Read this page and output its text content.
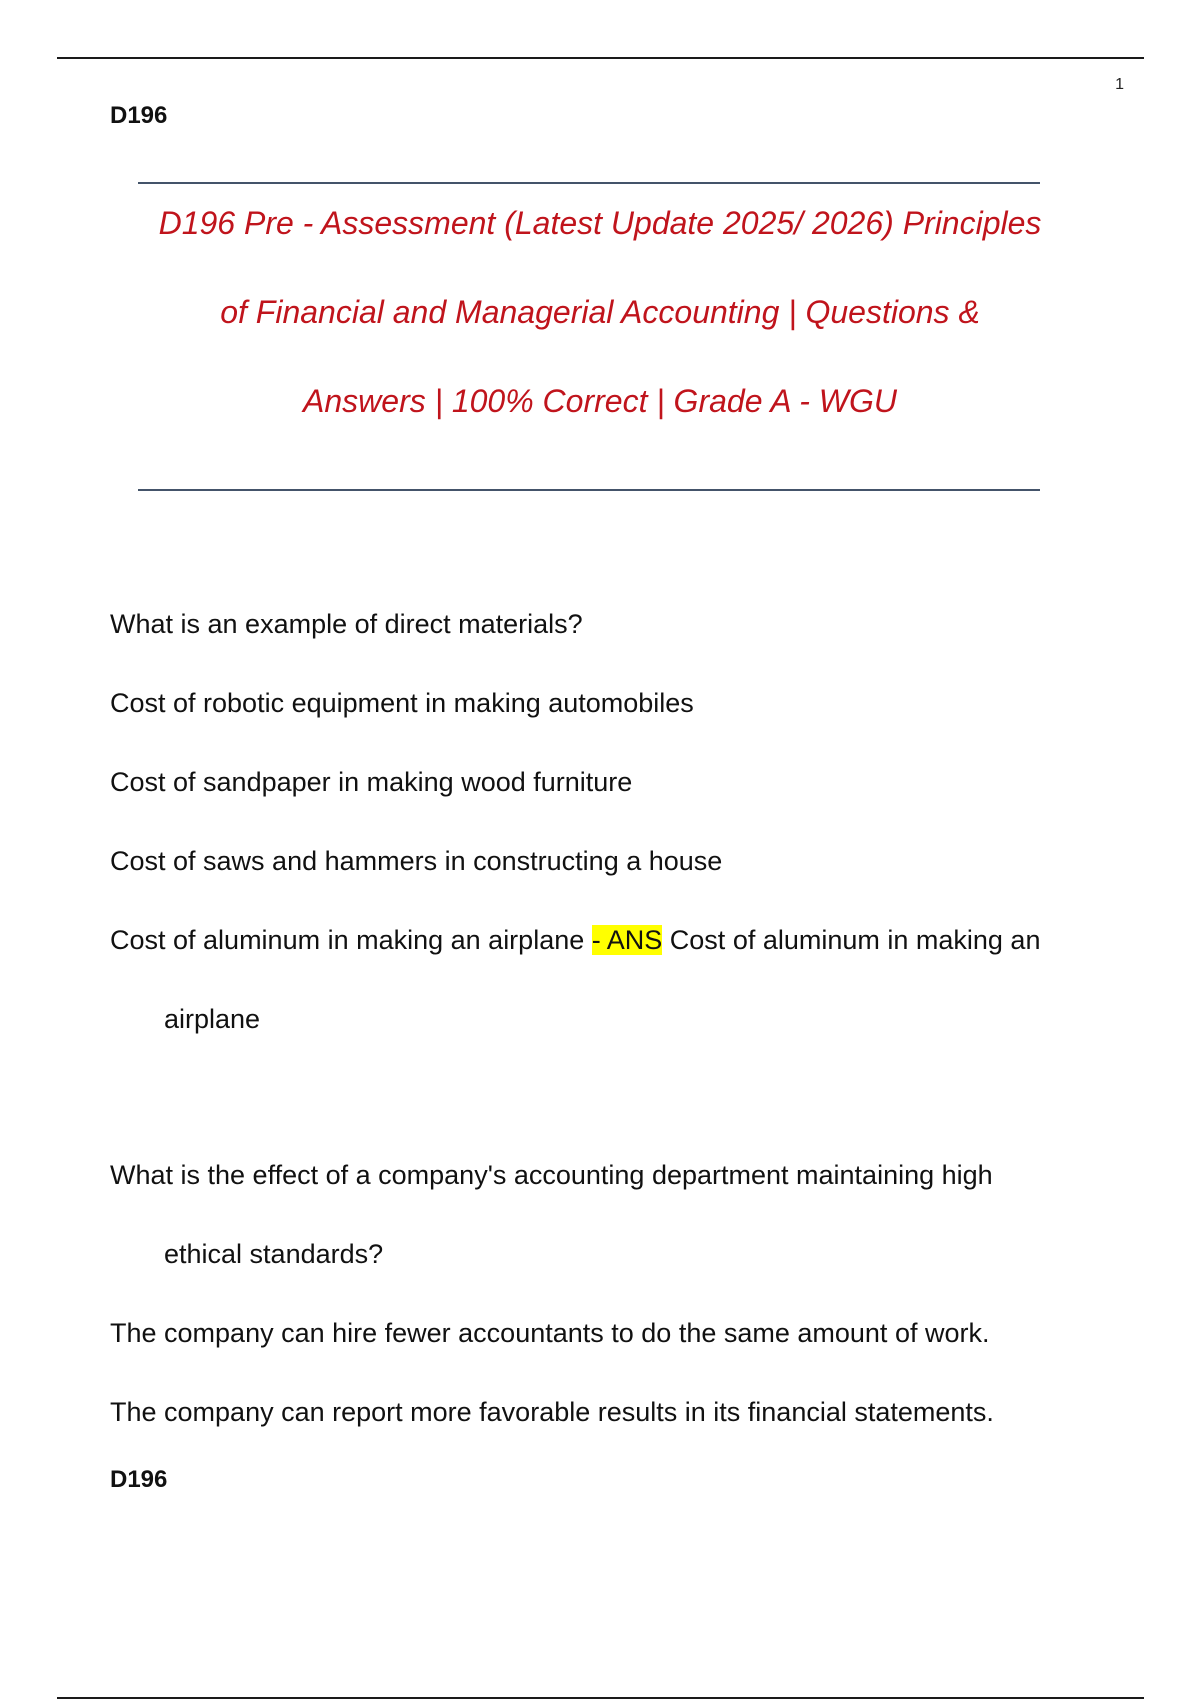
1
D196
D196 Pre - Assessment (Latest Update 2025/ 2026) Principles
of Financial and Managerial Accounting | Questions &
Answers | 100% Correct | Grade A - WGU
What is an example of direct materials?
Cost of robotic equipment in making automobiles
Cost of sandpaper in making wood furniture
Cost of saws and hammers in constructing a house
Cost of aluminum in making an airplane - ANS Cost of aluminum in making an
airplane
What is the effect of a company's accounting department maintaining high
ethical standards?
The company can hire fewer accountants to do the same amount of work.
The company can report more favorable results in its financial statements.
D196
